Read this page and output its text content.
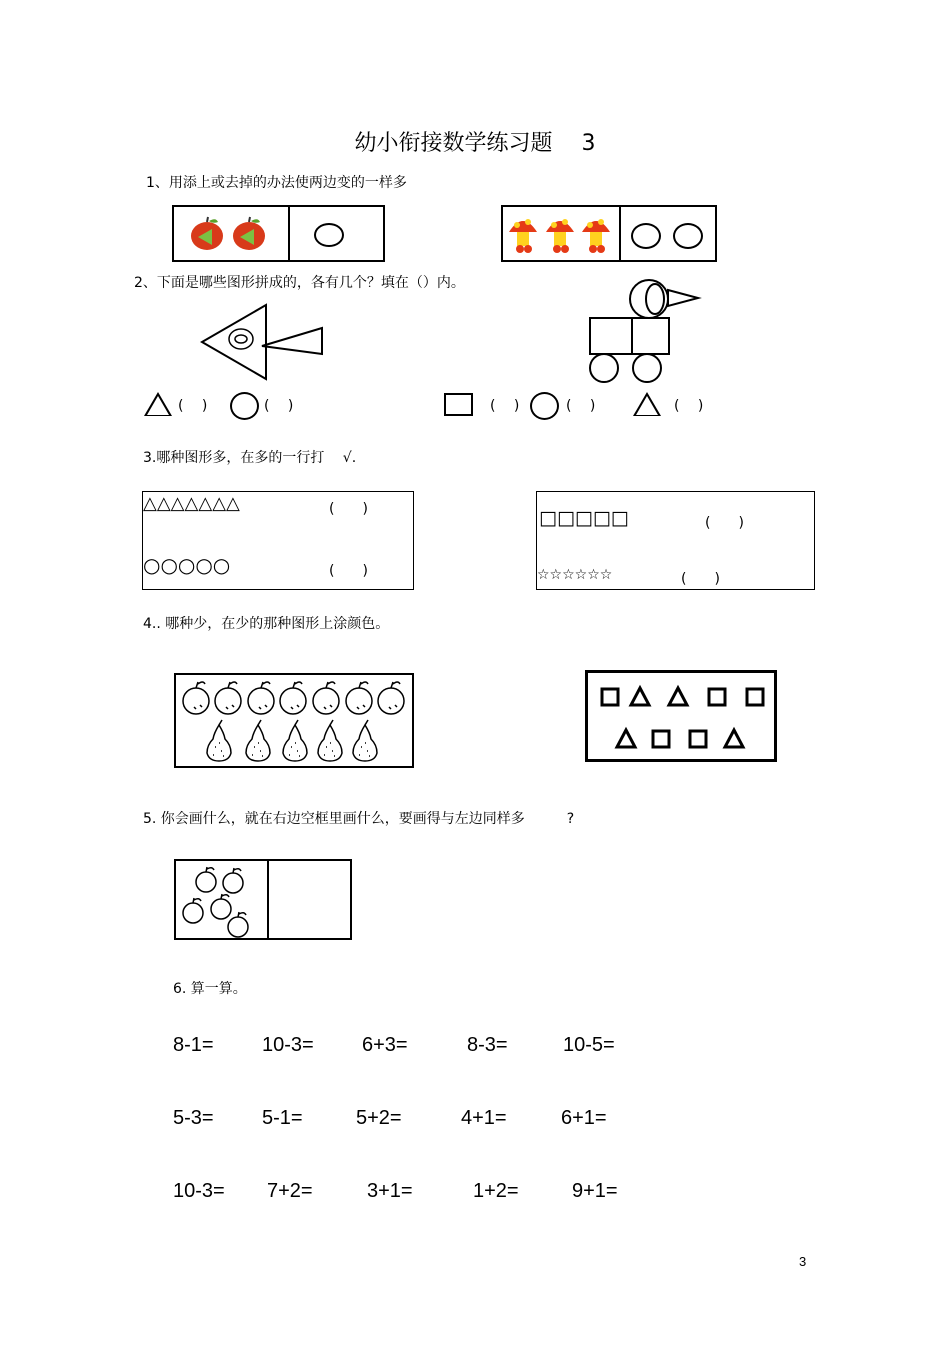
幼小衔接数学练习题　 3
1、用添上或去掉的办法使两边变的一样多
2、下面是哪些图形拼成的，各有几个？填在（）内。
(　 )	(　 )	(　 )	(　 )	(　 )
3.哪种图形多，在多的一行打　 √.
△△△△△△△	(　　)
○○○○○	(　　)
□□□□□	(　　)
☆☆☆☆☆☆	(　　)
4.. 哪种少，在少的那种图形上涂颜色。
5. 你会画什么，就在右边空框里画什么，要画得与左边同样多　　　?
6. 算一算。
8-1= 10-3= 6+3=	8-3=	10-5=
5-3= 5-1=	5+2=	4+1=	6+1=
10-3= 7+2=	3+1=	1+2=	9+1=
3
